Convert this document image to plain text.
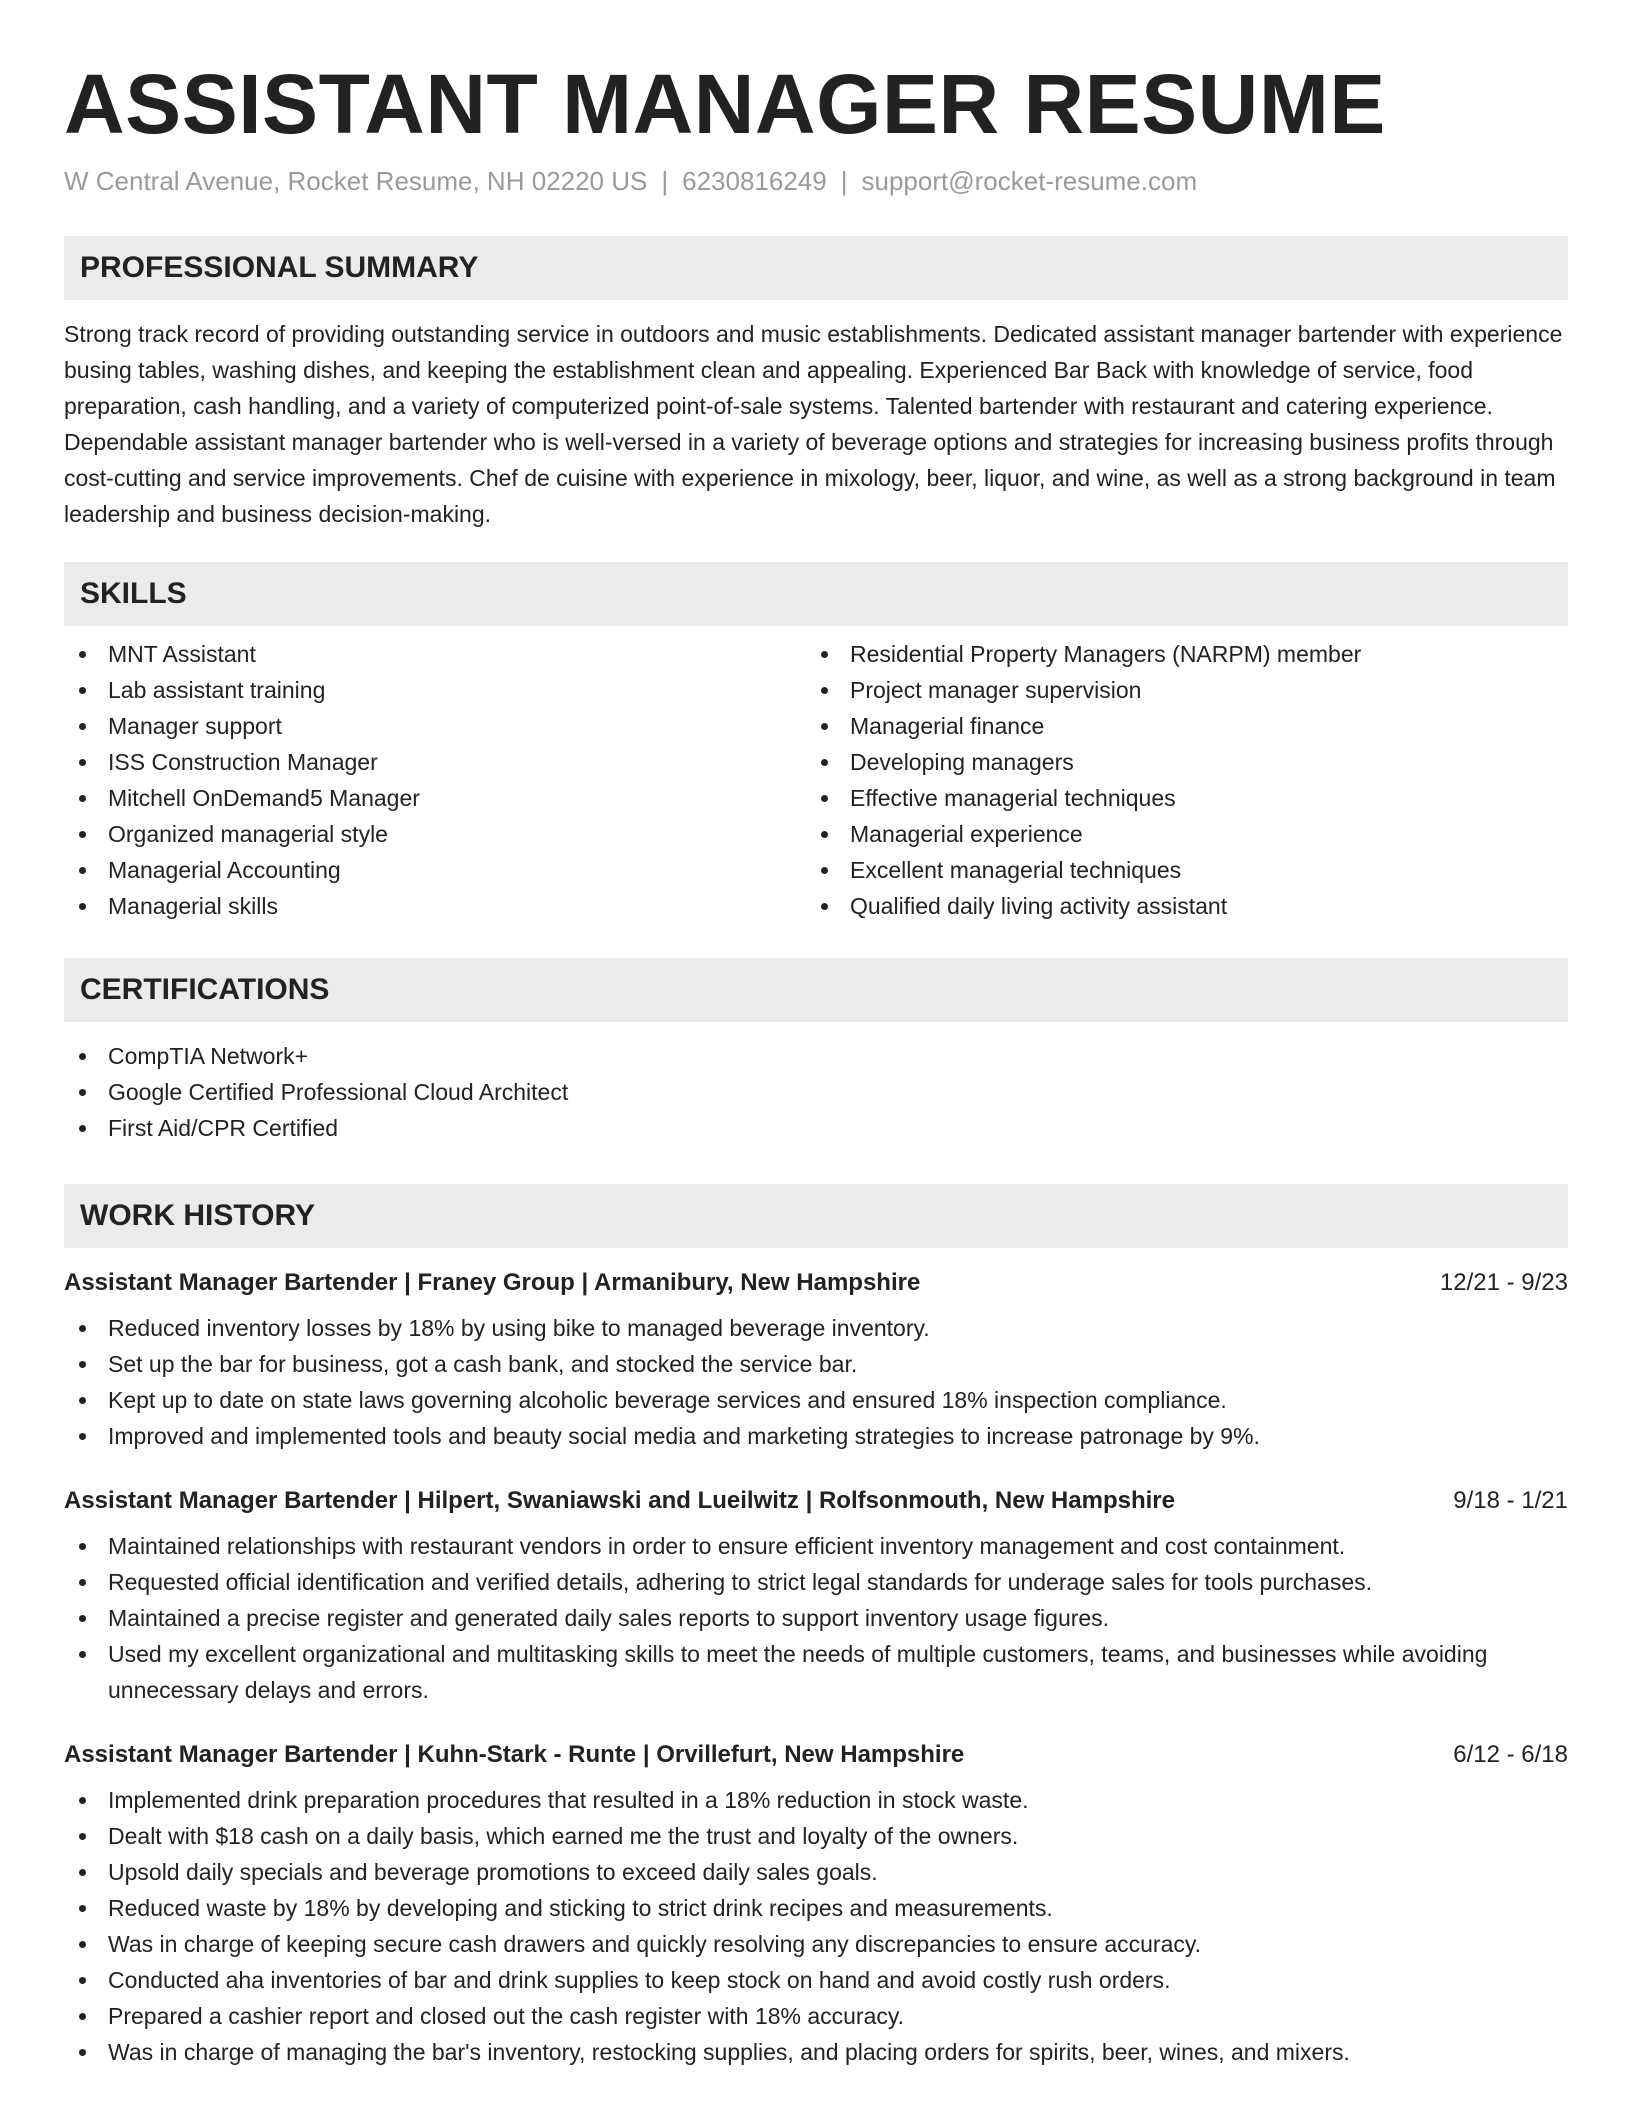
ASSISTANT MANAGER RESUME
W Central Avenue, Rocket Resume, NH 02220 US | 6230816249 | support@rocket-resume.com
PROFESSIONAL SUMMARY

Strong track record of providing outstanding service in outdoors and music establishments. Dedicated assistant manager bartender with experience busing tables, washing dishes, and keeping the establishment clean and appealing. Experienced Bar Back with knowledge of service, food preparation, cash handling, and a variety of computerized point-of-sale systems. Talented bartender with restaurant and catering experience. Dependable assistant manager bartender who is well-versed in a variety of beverage options and strategies for increasing business profits through cost-cutting and service improvements. Chef de cuisine with experience in mixology, beer, liquor, and wine, as well as a strong background in team leadership and business decision-making.

SKILLS
MNT Assistant
Lab assistant training
Manager support
ISS Construction Manager
Mitchell OnDemand5 Manager
Organized managerial style
Managerial Accounting
Managerial skills
Residential Property Managers (NARPM) member
Project manager supervision
Managerial finance
Developing managers
Effective managerial techniques
Managerial experience
Excellent managerial techniques
Qualified daily living activity assistant
CERTIFICATIONS
CompTIA Network+
Google Certified Professional Cloud Architect
First Aid/CPR Certified
WORK HISTORY
Assistant Manager Bartender | Franey Group | Armanibury, New Hampshire	12/21 - 9/23
Reduced inventory losses by 18% by using bike to managed beverage inventory.
Set up the bar for business, got a cash bank, and stocked the service bar.
Kept up to date on state laws governing alcoholic beverage services and ensured 18% inspection compliance.
Improved and implemented tools and beauty social media and marketing strategies to increase patronage by 9%.
Assistant Manager Bartender | Hilpert, Swaniawski and Lueilwitz | Rolfsonmouth, New Hampshire	9/18 - 1/21
Maintained relationships with restaurant vendors in order to ensure efficient inventory management and cost containment.
Requested official identification and verified details, adhering to strict legal standards for underage sales for tools purchases.
Maintained a precise register and generated daily sales reports to support inventory usage figures.
Used my excellent organizational and multitasking skills to meet the needs of multiple customers, teams, and businesses while avoiding unnecessary delays and errors.
Assistant Manager Bartender | Kuhn-Stark - Runte | Orvillefurt, New Hampshire	6/12 - 6/18
Implemented drink preparation procedures that resulted in a 18% reduction in stock waste.
Dealt with $18 cash on a daily basis, which earned me the trust and loyalty of the owners.
Upsold daily specials and beverage promotions to exceed daily sales goals.
Reduced waste by 18% by developing and sticking to strict drink recipes and measurements.
Was in charge of keeping secure cash drawers and quickly resolving any discrepancies to ensure accuracy.
Conducted aha inventories of bar and drink supplies to keep stock on hand and avoid costly rush orders.
Prepared a cashier report and closed out the cash register with 18% accuracy.
Was in charge of managing the bar's inventory, restocking supplies, and placing orders for spirits, beer, wines, and mixers.
